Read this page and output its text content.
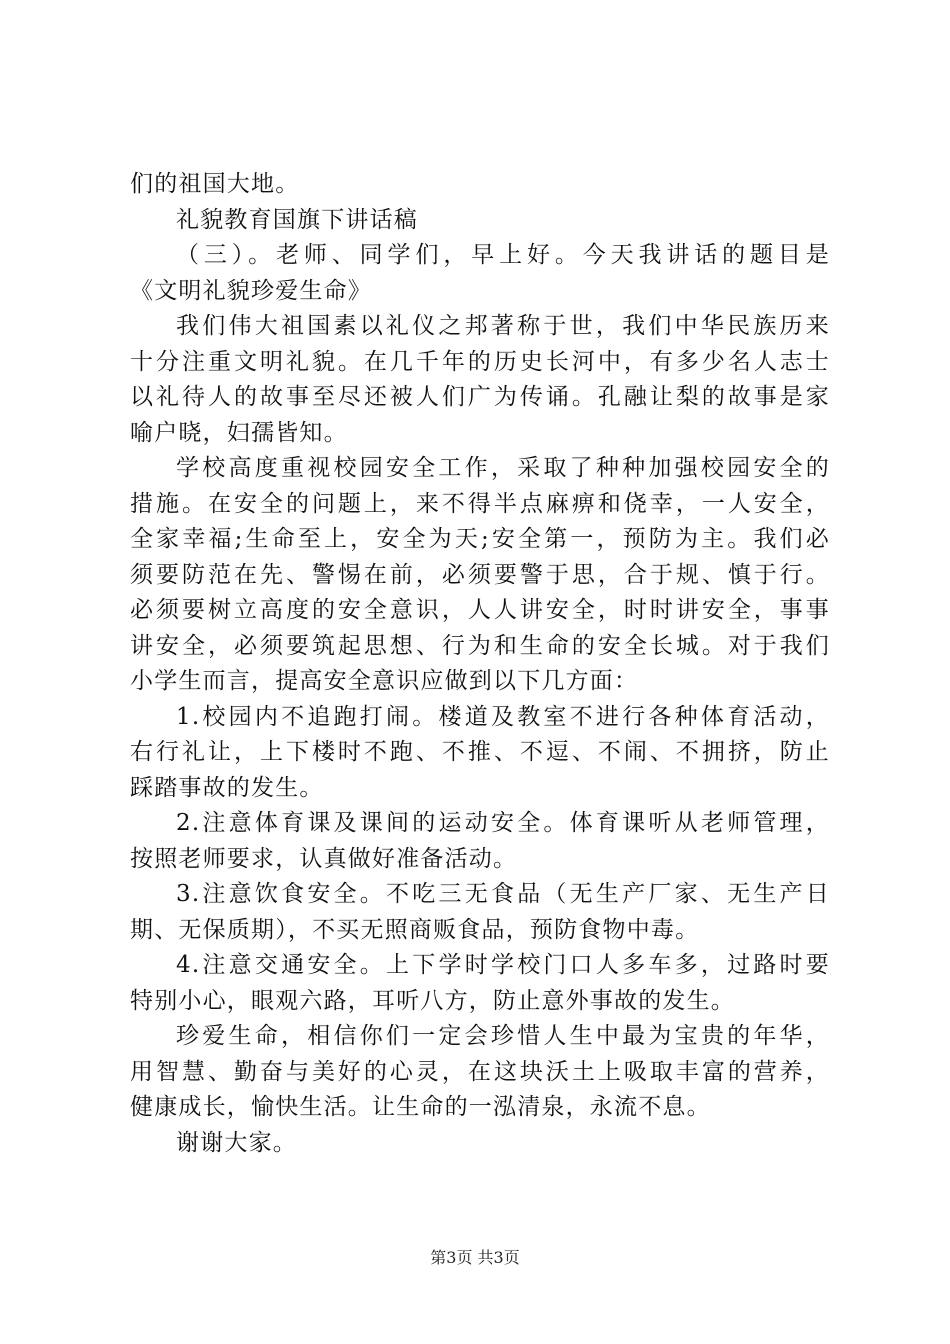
们的祖国大地。
礼貌教育国旗下讲话稿
（三）。老师、同学们，早上好。今天我讲话的题目是
《文明礼貌珍爱生命》
我们伟大祖国素以礼仪之邦著称于世，我们中华民族历来
十分注重文明礼貌。在几千年的历史长河中，有多少名人志士
以礼待人的故事至尽还被人们广为传诵。孔融让梨的故事是家
喻户晓，妇孺皆知。
学校高度重视校园安全工作，采取了种种加强校园安全的
措施。在安全的问题上，来不得半点麻痹和侥幸，一人安全，
全家幸福;生命至上，安全为天;安全第一，预防为主。我们必
须要防范在先、警惕在前，必须要警于思，合于规、慎于行。
必须要树立高度的安全意识，人人讲安全，时时讲安全，事事
讲安全，必须要筑起思想、行为和生命的安全长城。对于我们
小学生而言，提高安全意识应做到以下几方面：
1.校园内不追跑打闹。楼道及教室不进行各种体育活动，
右行礼让，上下楼时不跑、不推、不逗、不闹、不拥挤，防止
踩踏事故的发生。
2.注意体育课及课间的运动安全。体育课听从老师管理，
按照老师要求，认真做好准备活动。
3.注意饮食安全。不吃三无食品（无生产厂家、无生产日
期、无保质期），不买无照商贩食品，预防食物中毒。
4.注意交通安全。上下学时学校门口人多车多，过路时要
特别小心，眼观六路，耳听八方，防止意外事故的发生。
珍爱生命，相信你们一定会珍惜人生中最为宝贵的年华，
用智慧、勤奋与美好的心灵，在这块沃土上吸取丰富的营养，
健康成长，愉快生活。让生命的一泓清泉，永流不息。
谢谢大家。
第3页 共3页
